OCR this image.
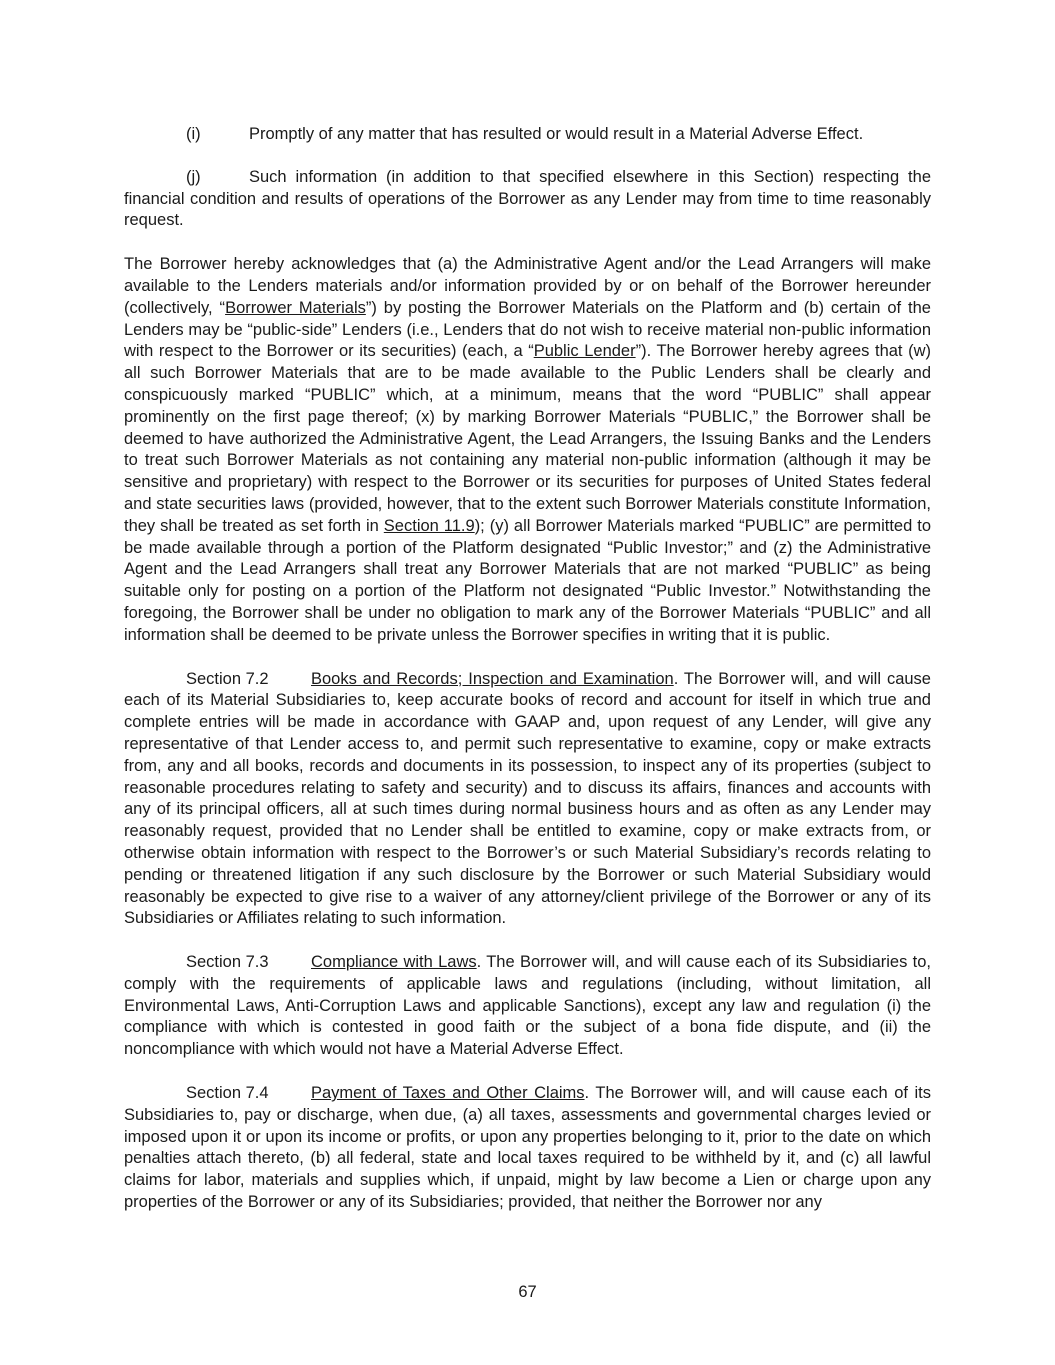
(i)	Promptly of any matter that has resulted or would result in a Material Adverse Effect.

(j)	Such information (in addition to that specified elsewhere in this Section) respecting the financial condition and results of operations of the Borrower as any Lender may from time to time reasonably request.

The Borrower hereby acknowledges that (a) the Administrative Agent and/or the Lead Arrangers will make available to the Lenders materials and/or information provided by or on behalf of the Borrower hereunder (collectively, “Borrower Materials”) by posting the Borrower Materials on the Platform and (b) certain of the Lenders may be “public-side” Lenders (i.e., Lenders that do not wish to receive material non-public information with respect to the Borrower or its securities) (each, a “Public Lender”). The Borrower hereby agrees that (w) all such Borrower Materials that are to be made available to the Public Lenders shall be clearly and conspicuously marked “PUBLIC” which, at a minimum, means that the word “PUBLIC” shall appear prominently on the first page thereof; (x) by marking Borrower Materials “PUBLIC,” the Borrower shall be deemed to have authorized the Administrative Agent, the Lead Arrangers, the Issuing Banks and the Lenders to treat such Borrower Materials as not containing any material non-public information (although it may be sensitive and proprietary) with respect to the Borrower or its securities for purposes of United States federal and state securities laws (provided, however, that to the extent such Borrower Materials constitute Information, they shall be treated as set forth in Section 11.9); (y) all Borrower Materials marked “PUBLIC” are permitted to be made available through a portion of the Platform designated “Public Investor;” and (z) the Administrative Agent and the Lead Arrangers shall treat any Borrower Materials that are not marked “PUBLIC” as being suitable only for posting on a portion of the Platform not designated “Public Investor.” Notwithstanding the foregoing, the Borrower shall be under no obligation to mark any of the Borrower Materials “PUBLIC” and all information shall be deemed to be private unless the Borrower specifies in writing that it is public.

Section 7.2	Books and Records; Inspection and Examination. The Borrower will, and will cause each of its Material Subsidiaries to, keep accurate books of record and account for itself in which true and complete entries will be made in accordance with GAAP and, upon request of any Lender, will give any representative of that Lender access to, and permit such representative to examine, copy or make extracts from, any and all books, records and documents in its possession, to inspect any of its properties (subject to reasonable procedures relating to safety and security) and to discuss its affairs, finances and accounts with any of its principal officers, all at such times during normal business hours and as often as any Lender may reasonably request, provided that no Lender shall be entitled to examine, copy or make extracts from, or otherwise obtain information with respect to the Borrower’s or such Material Subsidiary’s records relating to pending or threatened litigation if any such disclosure by the Borrower or such Material Subsidiary would reasonably be expected to give rise to a waiver of any attorney/client privilege of the Borrower or any of its Subsidiaries or Affiliates relating to such information.

Section 7.3	Compliance with Laws. The Borrower will, and will cause each of its Subsidiaries to, comply with the requirements of applicable laws and regulations (including, without limitation, all Environmental Laws, Anti-Corruption Laws and applicable Sanctions), except any law and regulation (i) the compliance with which is contested in good faith or the subject of a bona fide dispute, and (ii) the noncompliance with which would not have a Material Adverse Effect.

Section 7.4	Payment of Taxes and Other Claims. The Borrower will, and will cause each of its Subsidiaries to, pay or discharge, when due, (a) all taxes, assessments and governmental charges levied or imposed upon it or upon its income or profits, or upon any properties belonging to it, prior to the date on which penalties attach thereto, (b) all federal, state and local taxes required to be withheld by it, and (c) all lawful claims for labor, materials and supplies which, if unpaid, might by law become a Lien or charge upon any properties of the Borrower or any of its Subsidiaries; provided, that neither the Borrower nor any

67
